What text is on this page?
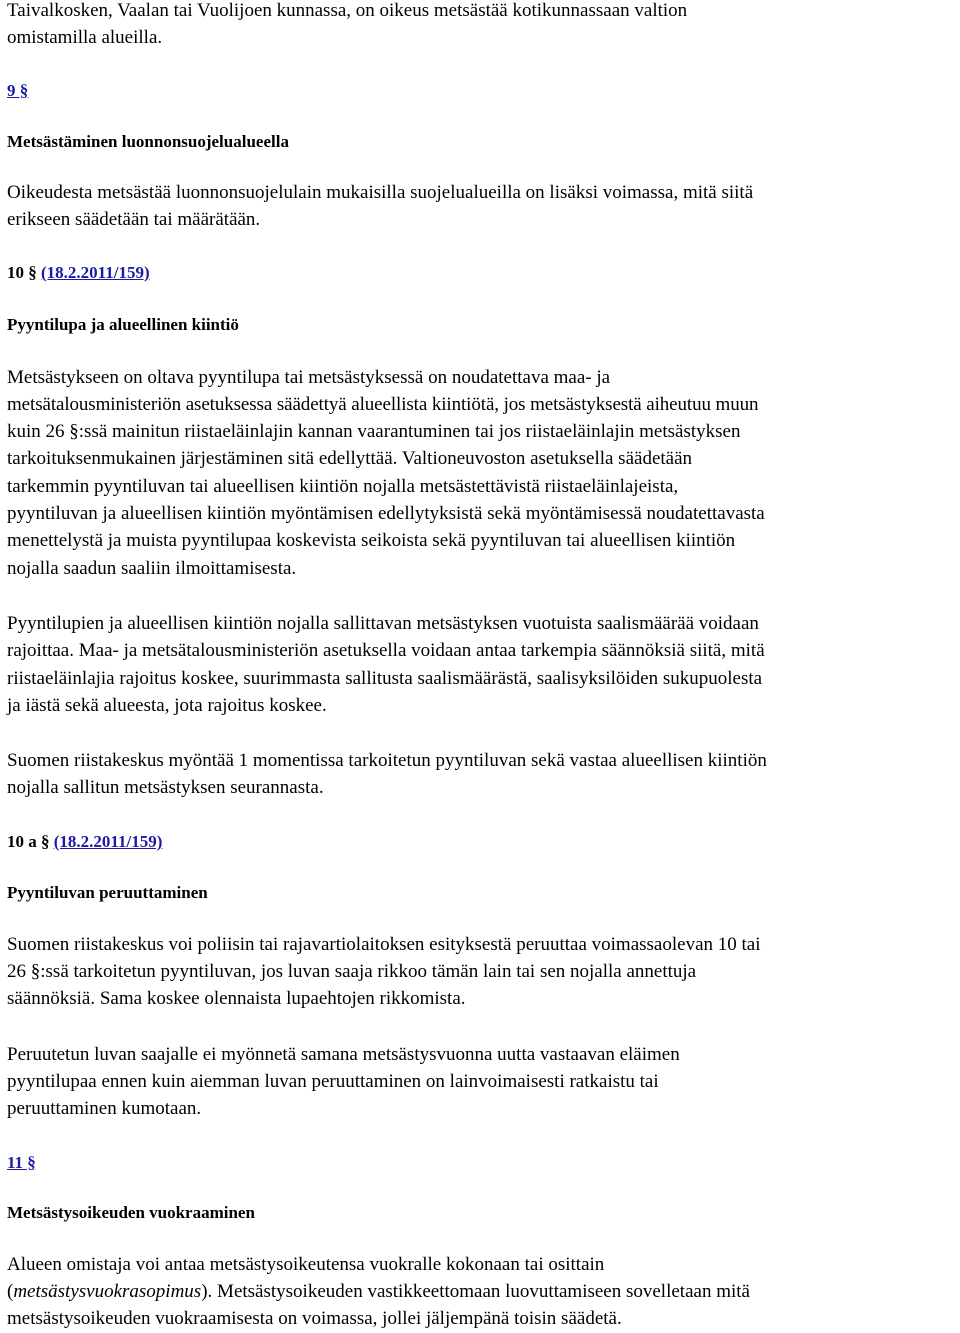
Taivalkosken, Vaalan tai Vuolijoen kunnassa, on oikeus metsästää kotikunnassaan valtion

omistamilla alueilla.

9 §

Metsästäminen luonnonsuojelualueella

Oikeudesta metsästää luonnonsuojelulain mukaisilla suojelualueilla on lisäksi voimassa, mitä siitä

erikseen säädetään tai määrätään.

10 § (18.2.2011/159)

Pyyntilupa ja alueellinen kiintiö

Metsästykseen on oltava pyyntilupa tai metsästyksessä on noudatettava maa- ja

metsätalousministeriön asetuksessa säädettyä alueellista kiintiötä, jos metsästyksestä aiheutuu muun

kuin 26 §:ssä mainitun riistaeläinlajin kannan vaarantuminen tai jos riistaeläinlajin metsästyksen

tarkoituksenmukainen järjestäminen sitä edellyttää. Valtioneuvoston asetuksella säädetään

tarkemmin pyyntiluvan tai alueellisen kiintiön nojalla metsästettävistä riistaeläinlajeista,

pyyntiluvan ja alueellisen kiintiön myöntämisen edellytyksistä sekä myöntämisessä noudatettavasta

menettelystä ja muista pyyntilupaa koskevista seikoista sekä pyyntiluvan tai alueellisen kiintiön

nojalla saadun saaliin ilmoittamisesta.

Pyyntilupien ja alueellisen kiintiön nojalla sallittavan metsästyksen vuotuista saalismäärää voidaan

rajoittaa. Maa- ja metsätalousministeriön asetuksella voidaan antaa tarkempia säännöksiä siitä, mitä

riistaeläinlajia rajoitus koskee, suurimmasta sallitusta saalismäärästä, saalisyksilöiden sukupuolesta

ja iästä sekä alueesta, jota rajoitus koskee.

Suomen riistakeskus myöntää 1 momentissa tarkoitetun pyyntiluvan sekä vastaa alueellisen kiintiön

nojalla sallitun metsästyksen seurannasta.

10 a § (18.2.2011/159)

Pyyntiluvan peruuttaminen

Suomen riistakeskus voi poliisin tai rajavartiolaitoksen esityksestä peruuttaa voimassaolevan 10 tai

26 §:ssä tarkoitetun pyyntiluvan, jos luvan saaja rikkoo tämän lain tai sen nojalla annettuja

säännöksiä. Sama koskee olennaista lupaehtojen rikkomista.

Peruutetun luvan saajalle ei myönnetä samana metsästysvuonna uutta vastaavan eläimen

pyyntilupaa ennen kuin aiemman luvan peruuttaminen on lainvoimaisesti ratkaistu tai

peruuttaminen kumotaan.

11 §

Metsästysoikeuden vuokraaminen

Alueen omistaja voi antaa metsästysoikeutensa vuokralle kokonaan tai osittain

(metsästysvuokrasopimus). Metsästysoikeuden vastikkeettomaan luovuttamiseen sovelletaan mitä

metsästysoikeuden vuokraamisesta on voimassa, jollei jäljempänä toisin säädetä.
